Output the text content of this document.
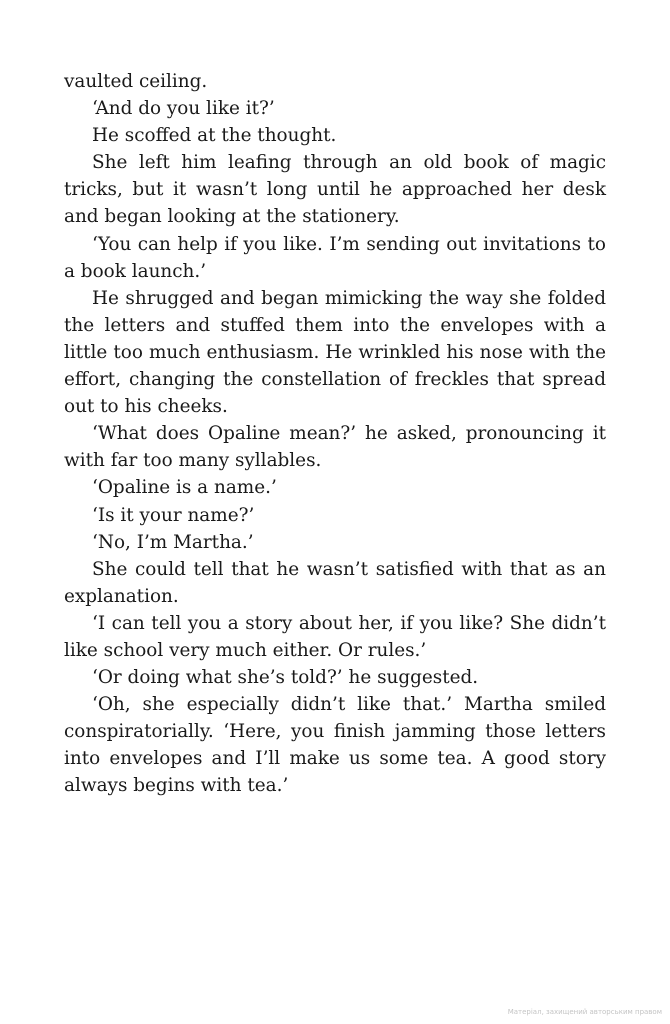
vaulted ceiling.

‘And do you like it?’

He scoffed at the thought.

She left him leafing through an old book of magic tricks, but it wasn’t long until he approached her desk and began looking at the stationery.

‘You can help if you like. I’m sending out invitations to a book launch.’

He shrugged and began mimicking the way she folded the letters and stuffed them into the envelopes with a little too much enthusiasm. He wrinkled his nose with the effort, changing the constellation of freckles that spread out to his cheeks.

‘What does Opaline mean?’ he asked, pronouncing it with far too many syllables.

‘Opaline is a name.’

‘Is it your name?’

‘No, I’m Martha.’

She could tell that he wasn’t satisfied with that as an explanation.

‘I can tell you a story about her, if you like? She didn’t like school very much either. Or rules.’

‘Or doing what she’s told?’ he suggested.

‘Oh, she especially didn’t like that.’ Martha smiled conspiratorially. ‘Here, you finish jamming those letters into envelopes and I’ll make us some tea. A good story always begins with tea.’

Матеріал, захищений авторським правом
